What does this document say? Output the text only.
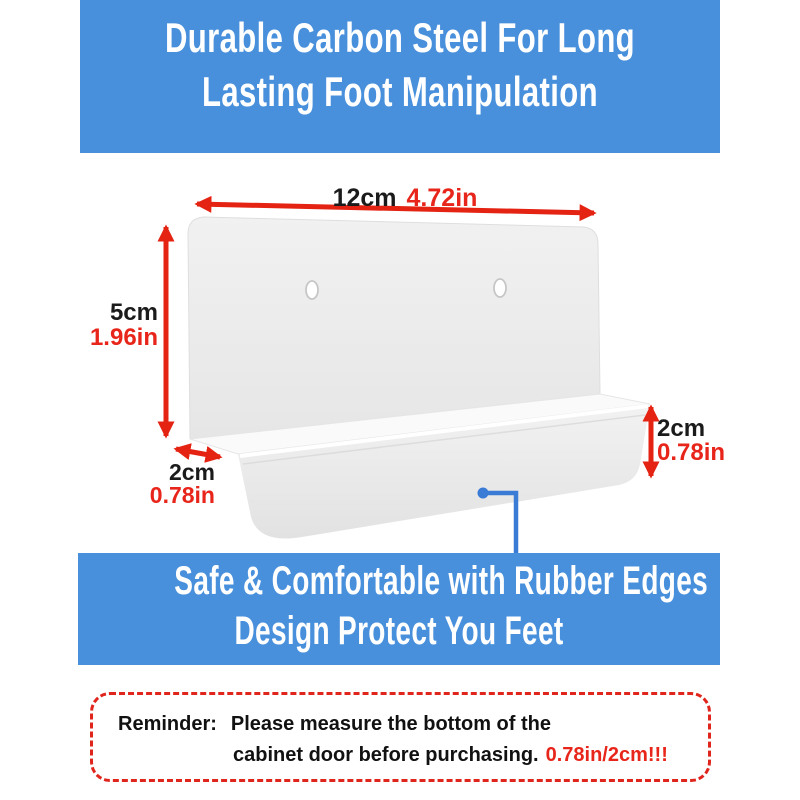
Durable Carbon Steel For Long
Lasting Foot Manipulation
12cm 4.72in
5cm
1.96in
2cm
0.78in
2cm
0.78in
Safe & Comfortable with Rubber Edges
Design Protect You Feet
Reminder: Please measure the bottom of the
cabinet door before purchasing. 0.78in/2cm!!!
